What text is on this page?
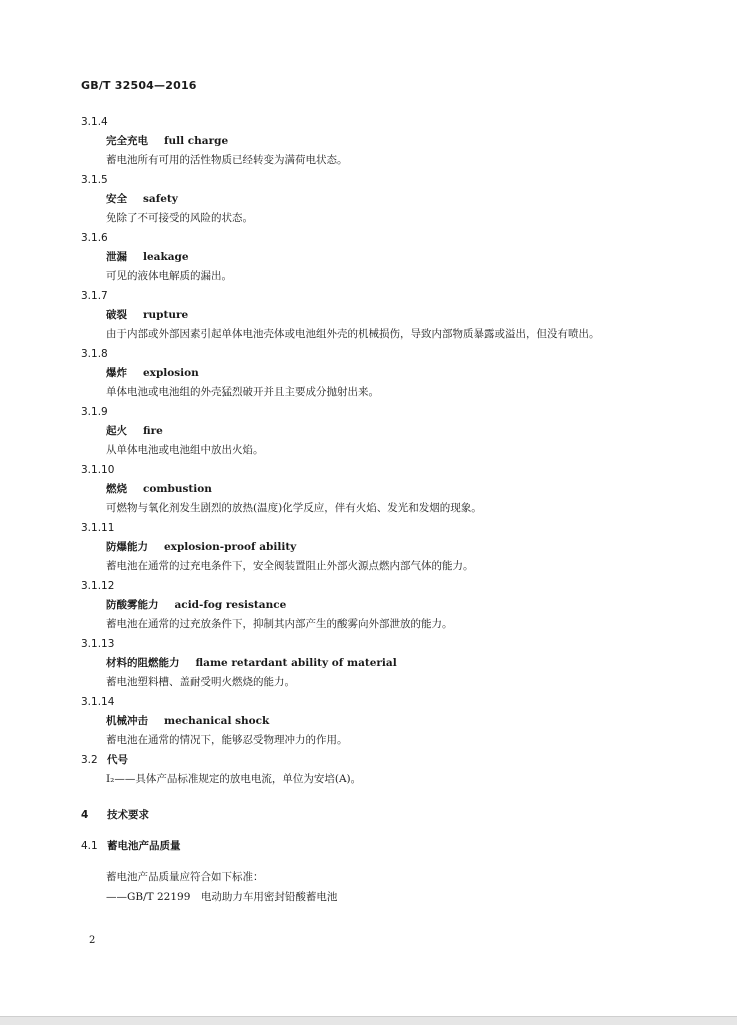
GB/T 32504—2016
3.1.4
完全充电 full charge
蓄电池所有可用的活性物质已经转变为满荷电状态。
3.1.5
安全 safety
免除了不可接受的风险的状态。
3.1.6
泄漏 leakage
可见的液体电解质的漏出。
3.1.7
破裂 rupture
由于内部或外部因素引起单体电池壳体或电池组外壳的机械损伤，导致内部物质暴露或溢出，但没有喷出。
3.1.8
爆炸 explosion
单体电池或电池组的外壳猛烈破开并且主要成分抛射出来。
3.1.9
起火 fire
从单体电池或电池组中放出火焰。
3.1.10
燃烧 combustion
可燃物与氧化剂发生剧烈的放热(温度)化学反应，伴有火焰、发光和发烟的现象。
3.1.11
防爆能力 explosion-proof ability
蓄电池在通常的过充电条件下，安全阀装置阻止外部火源点燃内部气体的能力。
3.1.12
防酸雾能力 acid-fog resistance
蓄电池在通常的过充放条件下，抑制其内部产生的酸雾向外部泄放的能力。
3.1.13
材料的阻燃能力 flame retardant ability of material
蓄电池塑料槽、盖耐受明火燃烧的能力。
3.1.14
机械冲击 mechanical shock
蓄电池在通常的情况下，能够忍受物理冲力的作用。
3.2 代号
I₂——具体产品标准规定的放电电流，单位为安培(A)。
4 技术要求
4.1 蓄电池产品质量
蓄电池产品质量应符合如下标准：
——GB/T 22199　电动助力车用密封铅酸蓄电池
2
